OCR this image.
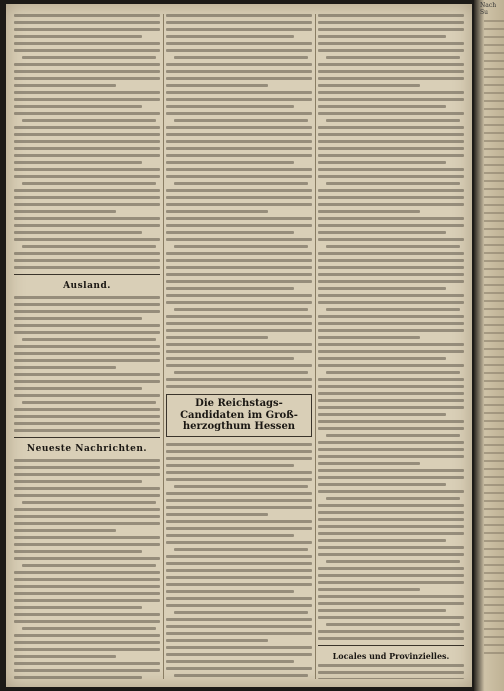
Ausland.
Neueste Nachrichten.
Die Reichstags-Candidaten im Groß-herzogthum Hessen
Locales und Provinzielles.
Nach Su
